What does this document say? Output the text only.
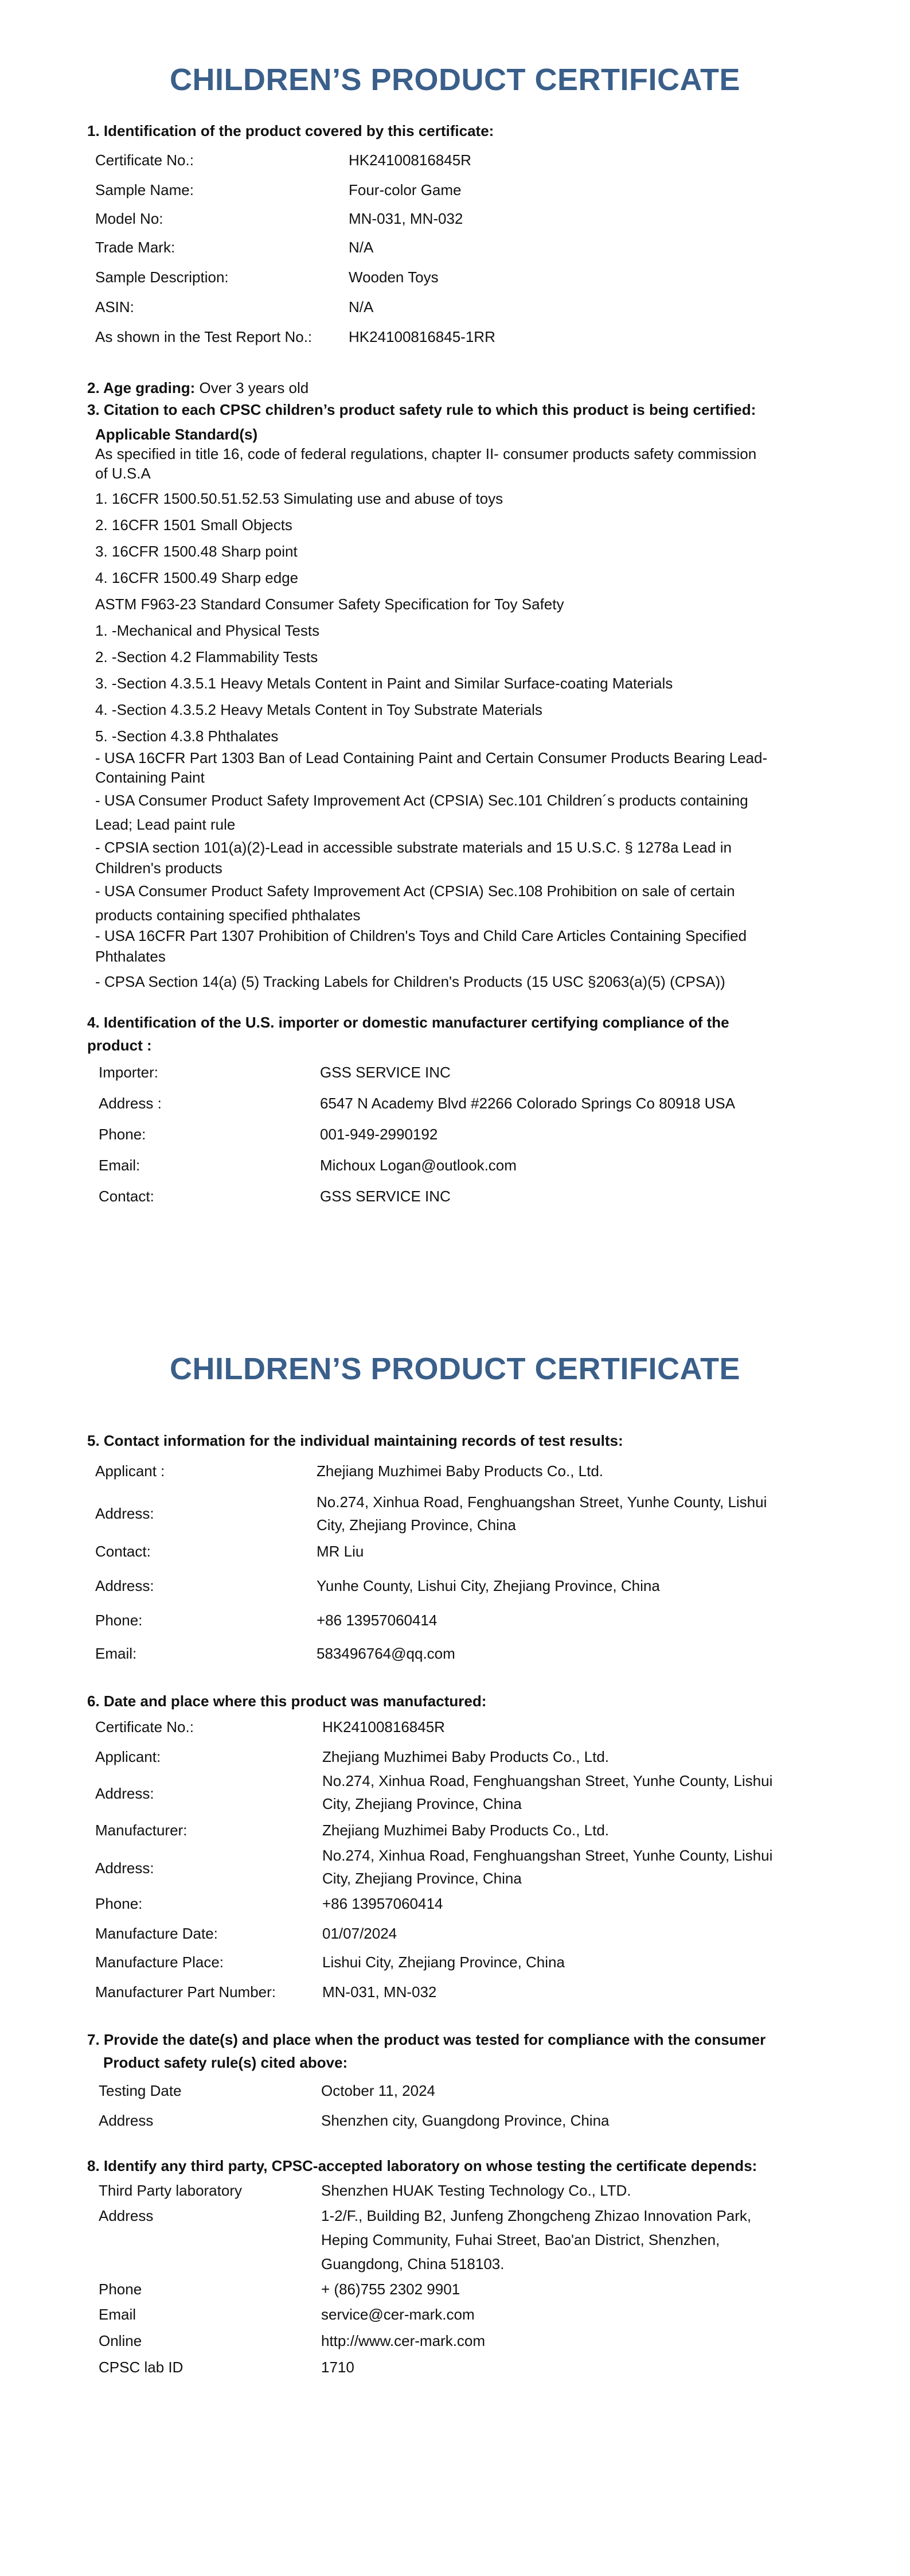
CHILDREN’S PRODUCT CERTIFICATE
1. Identification of the product covered by this certificate:
Certificate No.:	HK24100816845R
Sample Name:	Four-color Game
Model No:	MN-031, MN-032
Trade Mark:	N/A
Sample Description:	Wooden Toys
ASIN:	N/A
As shown in the Test Report No.:	HK24100816845-1RR
2. Age grading: Over 3 years old
3. Citation to each CPSC children’s product safety rule to which this product is being certified:
Applicable Standard(s)
As specified in title 16, code of federal regulations, chapter II- consumer products safety commission
of U.S.A
1. 16CFR 1500.50.51.52.53 Simulating use and abuse of toys
2. 16CFR 1501 Small Objects
3. 16CFR 1500.48 Sharp point
4. 16CFR 1500.49 Sharp edge
ASTM F963-23 Standard Consumer Safety Specification for Toy Safety
1. -Mechanical and Physical Tests
2. -Section 4.2 Flammability Tests
3. -Section 4.3.5.1 Heavy Metals Content in Paint and Similar Surface-coating Materials
4. -Section 4.3.5.2 Heavy Metals Content in Toy Substrate Materials
5. -Section 4.3.8 Phthalates
- USA 16CFR Part 1303 Ban of Lead Containing Paint and Certain Consumer Products Bearing Lead-
Containing Paint
- USA Consumer Product Safety Improvement Act (CPSIA) Sec.101 Children´s products containing
Lead; Lead paint rule
- CPSIA section 101(a)(2)-Lead in accessible substrate materials and 15 U.S.C. § 1278a Lead in
Children's products
- USA Consumer Product Safety Improvement Act (CPSIA) Sec.108 Prohibition on sale of certain
products containing specified phthalates
- USA 16CFR Part 1307 Prohibition of Children's Toys and Child Care Articles Containing Specified
Phthalates
- CPSA Section 14(a) (5) Tracking Labels for Children's Products (15 USC §2063(a)(5) (CPSA))
4. Identification of the U.S. importer or domestic manufacturer certifying compliance of the
product :
Importer:	GSS SERVICE INC
Address :	6547 N Academy Blvd #2266 Colorado Springs Co 80918 USA
Phone:	001-949-2990192
Email:	Michoux Logan@outlook.com
Contact:	GSS SERVICE INC
CHILDREN’S PRODUCT CERTIFICATE
5. Contact information for the individual maintaining records of test results:
Applicant :	Zhejiang Muzhimei Baby Products Co., Ltd.
Address:
No.274, Xinhua Road, Fenghuangshan Street, Yunhe County, Lishui
City, Zhejiang Province, China
Contact:	MR Liu
Address:	Yunhe County, Lishui City, Zhejiang Province, China
Phone:	+86 13957060414
Email:	583496764@qq.com
6. Date and place where this product was manufactured:
Certificate No.:	HK24100816845R
Applicant:	Zhejiang Muzhimei Baby Products Co., Ltd.
Address:
No.274, Xinhua Road, Fenghuangshan Street, Yunhe County, Lishui
City, Zhejiang Province, China
Manufacturer:	Zhejiang Muzhimei Baby Products Co., Ltd.
Address:
No.274, Xinhua Road, Fenghuangshan Street, Yunhe County, Lishui
City, Zhejiang Province, China
Phone:	+86 13957060414
Manufacture Date:	01/07/2024
Manufacture Place:	Lishui City, Zhejiang Province, China
Manufacturer Part Number:	MN-031, MN-032
7. Provide the date(s) and place when the product was tested for compliance with the consumer
Product safety rule(s) cited above:
Testing Date	October 11, 2024
Address	Shenzhen city, Guangdong Province, China
8. Identify any third party, CPSC-accepted laboratory on whose testing the certificate depends:
Third Party laboratory	Shenzhen HUAK Testing Technology Co., LTD.
Address	1-2/F., Building B2, Junfeng Zhongcheng Zhizao Innovation Park,
Heping Community, Fuhai Street, Bao'an District, Shenzhen,
Guangdong, China 518103.
Phone	+ (86)755 2302 9901
Email	service@cer-mark.com
Online	http://www.cer-mark.com
CPSC lab ID	1710
